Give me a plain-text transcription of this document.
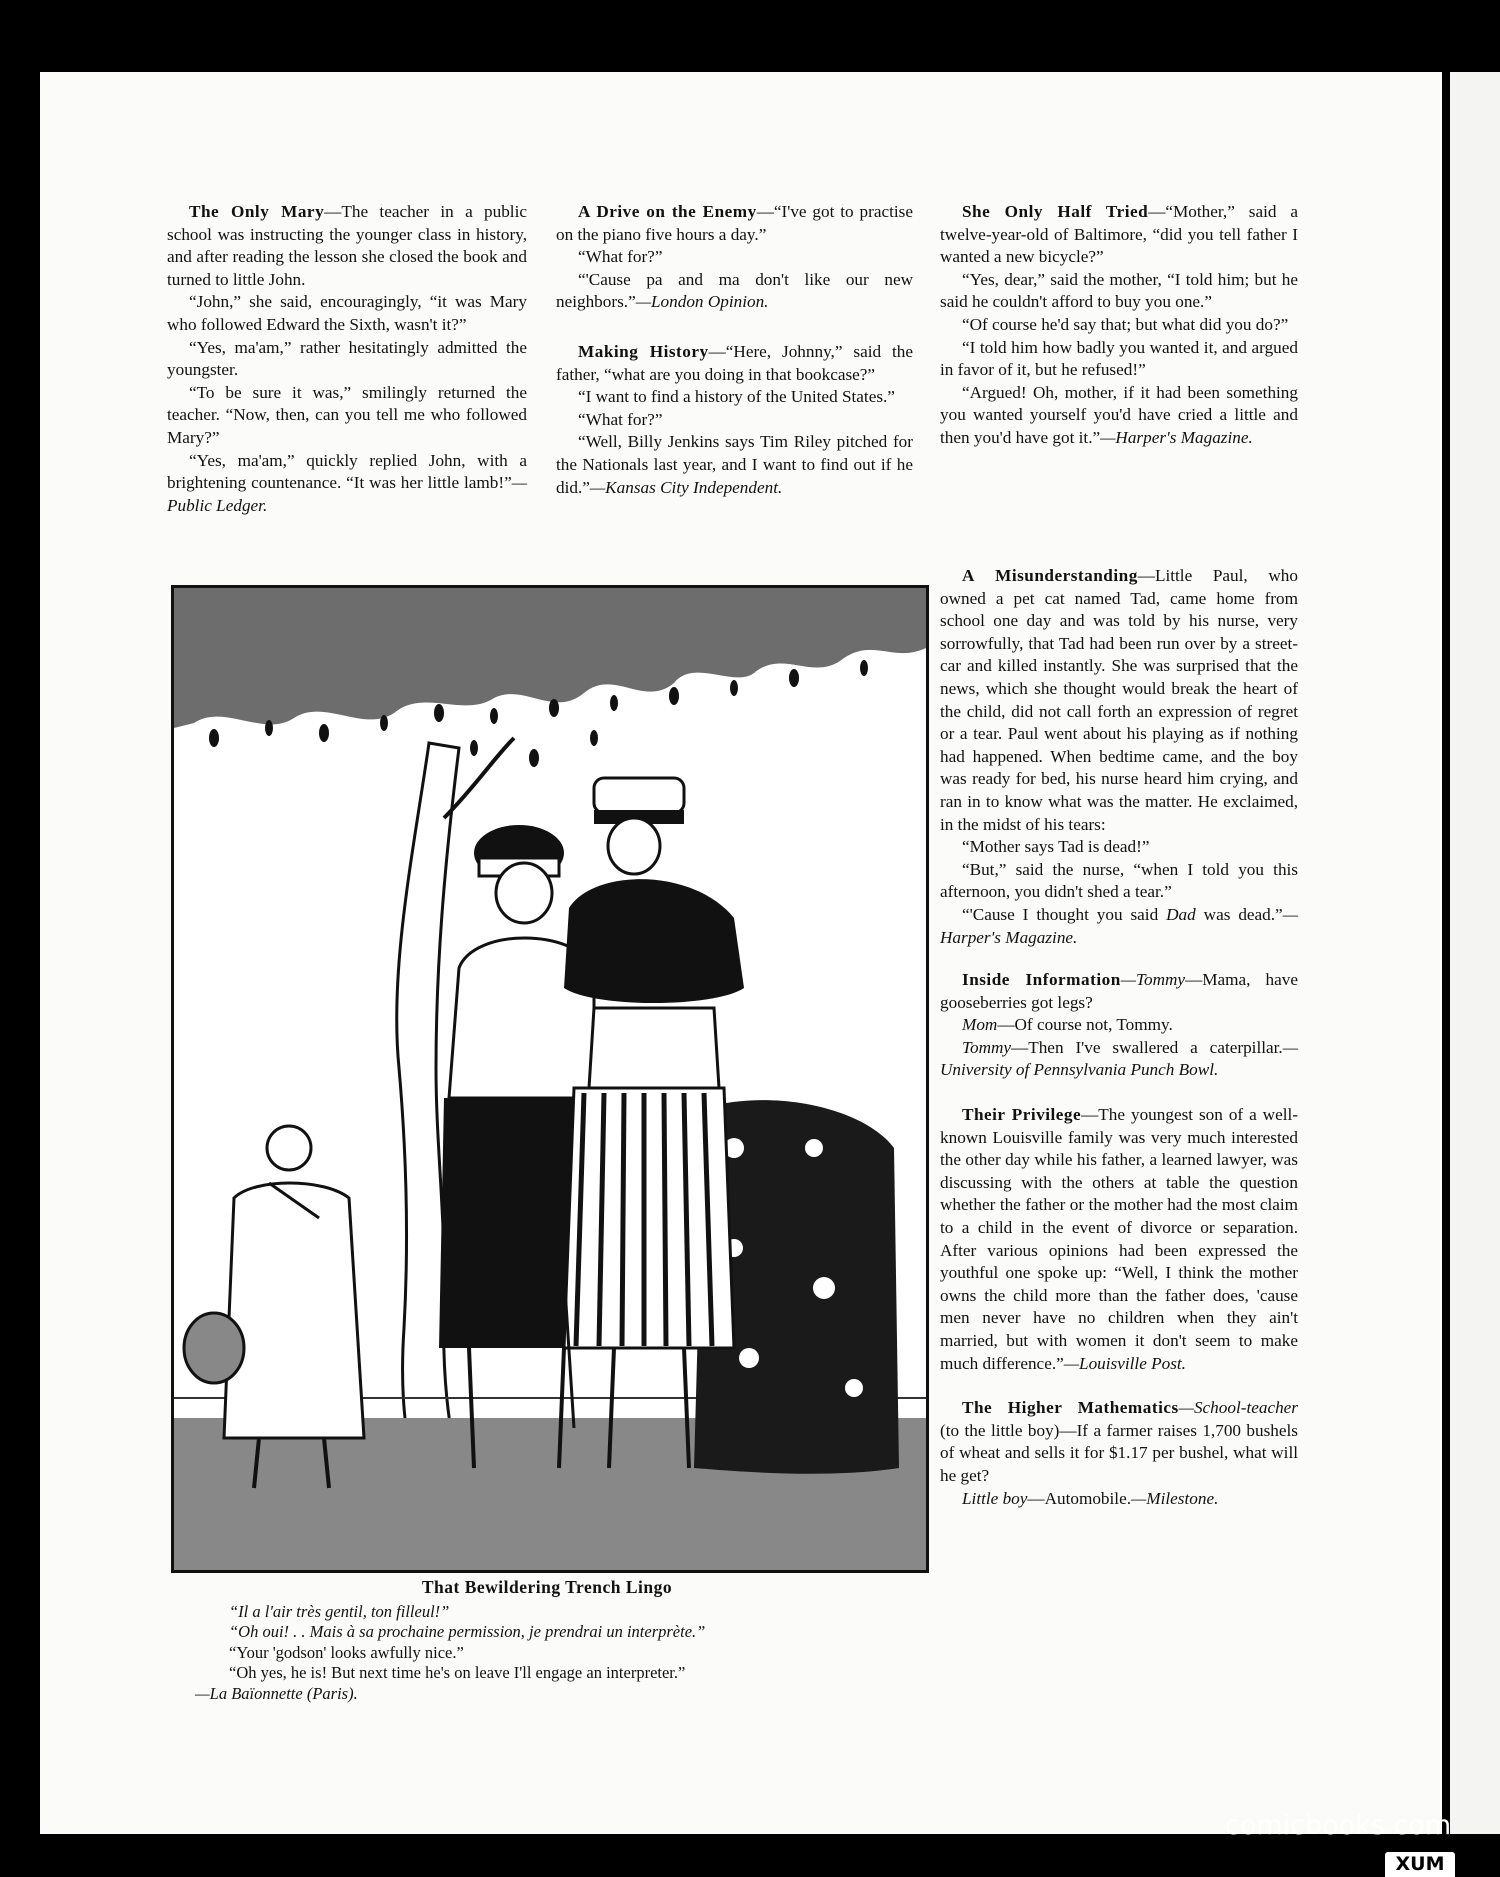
The Only Mary—The teacher in a public school was instructing the younger class in history, and after reading the lesson she closed the book and turned to little John.

“John,” she said, encouragingly, “it was Mary who followed Edward the Sixth, wasn't it?”

“Yes, ma'am,” rather hesitatingly admitted the youngster.

“To be sure it was,” smilingly returned the teacher. “Now, then, can you tell me who followed Mary?”

“Yes, ma'am,” quickly replied John, with a brightening countenance. “It was her little lamb!”—Public Ledger.

A Drive on the Enemy—“I've got to practise on the piano five hours a day.”

“What for?”

“'Cause pa and ma don't like our new neighbors.”—London Opinion.

Making History—“Here, Johnny,” said the father, “what are you doing in that bookcase?”

“I want to find a history of the United States.”

“What for?”

“Well, Billy Jenkins says Tim Riley pitched for the Nationals last year, and I want to find out if he did.”—Kansas City Independent.

She Only Half Tried—“Mother,” said a twelve-year-old of Baltimore, “did you tell father I wanted a new bicycle?”

“Yes, dear,” said the mother, “I told him; but he said he couldn't afford to buy you one.”

“Of course he'd say that; but what did you do?”

“I told him how badly you wanted it, and argued in favor of it, but he refused!”

“Argued! Oh, mother, if it had been something you wanted yourself you'd have cried a little and then you'd have got it.”—Harper's Magazine.

A Misunderstanding—Little Paul, who owned a pet cat named Tad, came home from school one day and was told by his nurse, very sorrowfully, that Tad had been run over by a street-car and killed instantly. She was surprised that the news, which she thought would break the heart of the child, did not call forth an expression of regret or a tear. Paul went about his playing as if nothing had happened. When bedtime came, and the boy was ready for bed, his nurse heard him crying, and ran in to know what was the matter. He exclaimed, in the midst of his tears:

“Mother says Tad is dead!”

“But,” said the nurse, “when I told you this afternoon, you didn't shed a tear.”

“'Cause I thought you said Dad was dead.”—Harper's Magazine.

Inside Information—Tommy—Mama, have gooseberries got legs?

Mom—Of course not, Tommy.

Tommy—Then I've swallered a caterpillar.—University of Pennsylvania Punch Bowl.

Their Privilege—The youngest son of a well-known Louisville family was very much interested the other day while his father, a learned lawyer, was discussing with the others at table the question whether the father or the mother had the most claim to a child in the event of divorce or separation. After various opinions had been expressed the youthful one spoke up: “Well, I think the mother owns the child more than the father does, 'cause men never have no children when they ain't married, but with women it don't seem to make much difference.”—Louisville Post.

The Higher Mathematics—School-teacher (to the little boy)—If a farmer raises 1,700 bushels of wheat and sells it for $1.17 per bushel, what will he get?

Little boy—Automobile.—Milestone.

That Bewildering Trench Lingo
“Il a l'air très gentil, ton filleul!”
“Oh oui! . . Mais à sa prochaine permission, je prendrai un interprète.”
“Your 'godson' looks awfully nice.”
“Oh yes, he is! But next time he's on leave I'll engage an interpreter.”
—La Baïonnette (Paris).
comicbooks.com
XUM
